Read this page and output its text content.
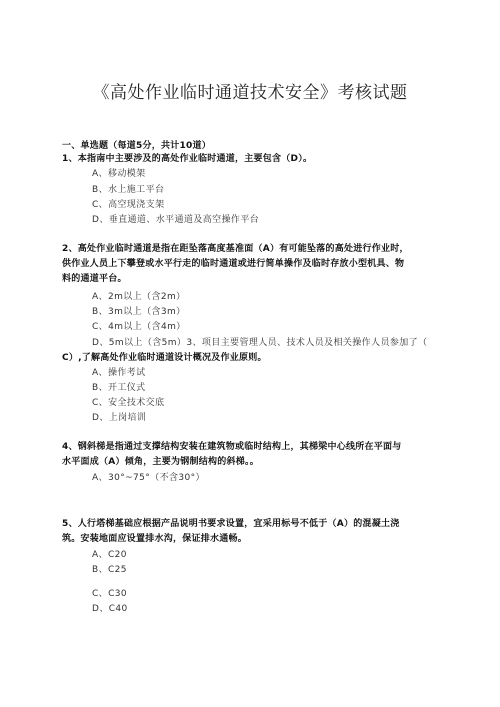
《高处作业临时通道技术安全》考核试题
一、单选题（每道5分，共计10道）
1、本指南中主要涉及的高处作业临时通道，主要包含（D）。
A、移动模架
B、水上施工平台
C、高空现浇支架
D、垂直通道、水平通道及高空操作平台
2、高处作业临时通道是指在距坠落高度基准面（A）有可能坠落的高处进行作业时，
供作业人员上下攀登或水平行走的临时通道或进行简单操作及临时存放小型机具、物
料的通道平台。
A、2m以上（含2m）
B、3m以上（含3m）
C、4m以上（含4m）
D、5m以上（含5m）3、项目主要管理人员、技术人员及相关操作人员参加了（
C）,了解高处作业临时通道设计概况及作业原则。
A、操作考试
B、开工仪式
C、安全技术交底
D、上岗培训
4、钢斜梯是指通过支撑结构安装在建筑物或临时结构上，其梯梁中心线所在平面与
水平面成（A）倾角，主要为钢制结构的斜梯。。
A、30°~75°（不含30°）
5、人行塔梯基础应根据产品说明书要求设置，宜采用标号不低于（A）的混凝土浇
筑。安装地面应设置排水沟，保证排水通畅。
A、C20
B、C25
C、C30
D、C40
